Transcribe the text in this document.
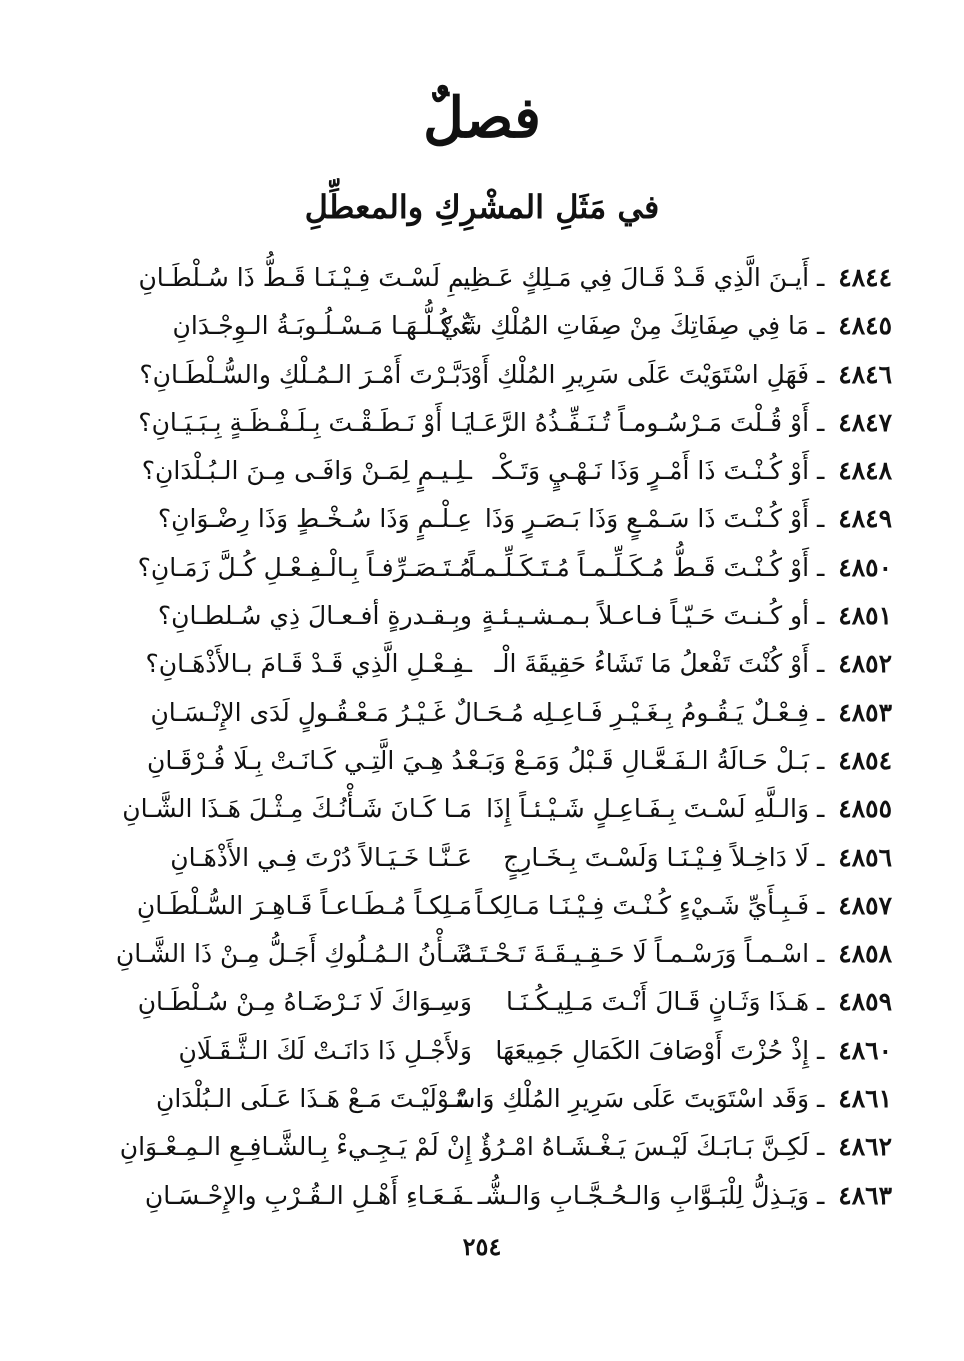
فصلٌ
في مَثَلِ المشْرِكِ والمعطِّلِ
٤٨٤٤ ـ أَيـنَ الَّذِي قَـدْ قَـالَ فِي مَـلِكٍ عَـظِيـ
ـمِ لَسْـتَ فِـيْـنَـا قَـطُّ ذَا سُـلْطَـانِ
٤٨٤٥ ـ مَا فِي صِفَاتِكَ مِنْ صِفَاتِ المُلْكِ شَيْ
ءٌ كُـلُّـهَـا مَـسْـلُـوبَـةُ الـوِجْـدَانِ
٤٨٤٦ ـ فَهَلِ اسْتَوَيْتَ عَلَى سَرِيرِ المُلْكِ أَوْ
دَبَّـرْتَ أَمْـرَ الـمُـلْكِ والسُّـلْطَـانِ؟
٤٨٤٧ ـ أَوْ قُـلْتَ مَـرْسُـومـاً تُـنَـفِّـذُهُ الرَّعَـا
يَـا أَوْ نَـطَـقْـتَ بِـلَـفْـظَـةٍ بِـبَـيَـانِ؟
٤٨٤٨ ـ أَوْ كُـنْـتَ ذَا أَمْـرٍ وَذَا نَـهْـيٍ وَتَـكْـ
ـلِـيـمٍ لِمَـنْ وَافَـى مِـنَ الـبُـلْدَانِ؟
٤٨٤٩ ـ أَوْ كُـنْـتَ ذَا سَـمْـعٍ وَذَا بَـصَـرٍ وَذَا
عِـلْـمٍ وَذَا سُـخْـطٍ وَذَا رِضْـوَانِ؟
٤٨٥٠ ـ أَوْ كُـنْـتَ قَـطُّ مُـكَـلِّـمـاً مُـتَـكَـلِّـمـاً
مُـتَـصَـرِّفـاً بِـالْـفِـعْـلِ كُـلَّ زَمَـانِ؟
٤٨٥١ ـ أو كُـنـتَ حَـيّـاً فـاعـلاً بـمـشـيـئـةٍ
وبِـقـدرةٍ أفـعـالَ ذِي سُـلطـانِ؟
٤٨٥٢ ـ أَوْ كُنْتَ تَفْعلُ مَا تَشَاءُ حَقِيقَةَ الْـ
ـفِـعْـلِ الَّذِي قَـدْ قَـامَ بـالأَذْهَـانِ؟
٤٨٥٣ ـ فِـعْـلٌ يَـقُـومُ بِـغَـيْـرِ فَـاعِـلِه مُـحَـا
لٌ غَـيْـرُ مَـعْـقُـولٍ لَدَى الإِنْـسَـانِ
٤٨٥٤ ـ بَـلْ حَـالَةُ الـفَـعَّـالِ قَـبْلُ وَمَـعْ وَبَـعْـ
ـدُ هِـيَ الَّتِـي كَـانَـتْ بِـلَا فُـرْقَـانِ
٤٨٥٥ ـ وَالـلَّهِ لَسْـتَ بِـفَـاعِـلٍ شَـيْـئـاً إِذَا
مَـا كَـانَ شَـأْنُـكَ مِـثْـلَ هَـذَا الشَّـانِ
٤٨٥٦ ـ لَا دَاخِـلاً فِـيْـنَـا وَلَسْـتَ بِـخَـارِجٍ
عَـنَّـا خَـيَـالاً دُرْتَ فِـي الأَذْهَـانِ
٤٨٥٧ ـ فَـبِـأَيِّ شَـيْءٍ كُـنْـتَ فِـيْـنَـا مَـالِكـاً
مَـلِكـاً مُـطَـاعـاً قَـاهِـرَ السُّـلْطَـانِ
٤٨٥٨ ـ اسْـمـاً وَرَسْـمـاً لَا حَـقِـيـقَـةَ تَـحْـتَـهُ
شَـأْنُ الـمُـلُوكِ أَجَـلُّ مِـنْ ذَا الشَّـانِ
٤٨٥٩ ـ هَـذَا وَثَـانٍ قَـالَ أَنْـتَ مَـلِيـكُـنَـا
وَسِـوَاكَ لَا نَـرْضَـاهُ مِـنْ سُـلْطَـانِ
٤٨٦٠ ـ إِذْ حُزْتَ أَوْصَافَ الكَمَالِ جَمِيعَهَا
وَلأَجْـلِ ذَا دَانَـتْ لَكَ الـثَّـقَـلَانِ
٤٨٦١ ـ وَقَد اسْتَوَيتَ عَلَى سَرِيرِ المُلْكِ وَاسْـ
ـتَـوْلَيْـتَ مَـعْ هَـذَا عَـلَى الـبُلْدَانِ
٤٨٦٢ ـ لَكِـنَّ بَـابَـكَ لَيْـسَ يَـغْـشَـاهُ امْـرُؤٌ
إِنْ لَمْ يَـجِـيءْ بِـالشَّـافِـعِ الـمِـعْـوَانِ
٤٨٦٣ ـ وَيَـذِلُّ لِلْبَـوَّابِ وَالـحُـجَّـابِ وَالـشُّـ
ـفَـعَـاءِ أَهْـلِ الـقُـرْبِ والإِحْـسَـانِ
٢٥٤
